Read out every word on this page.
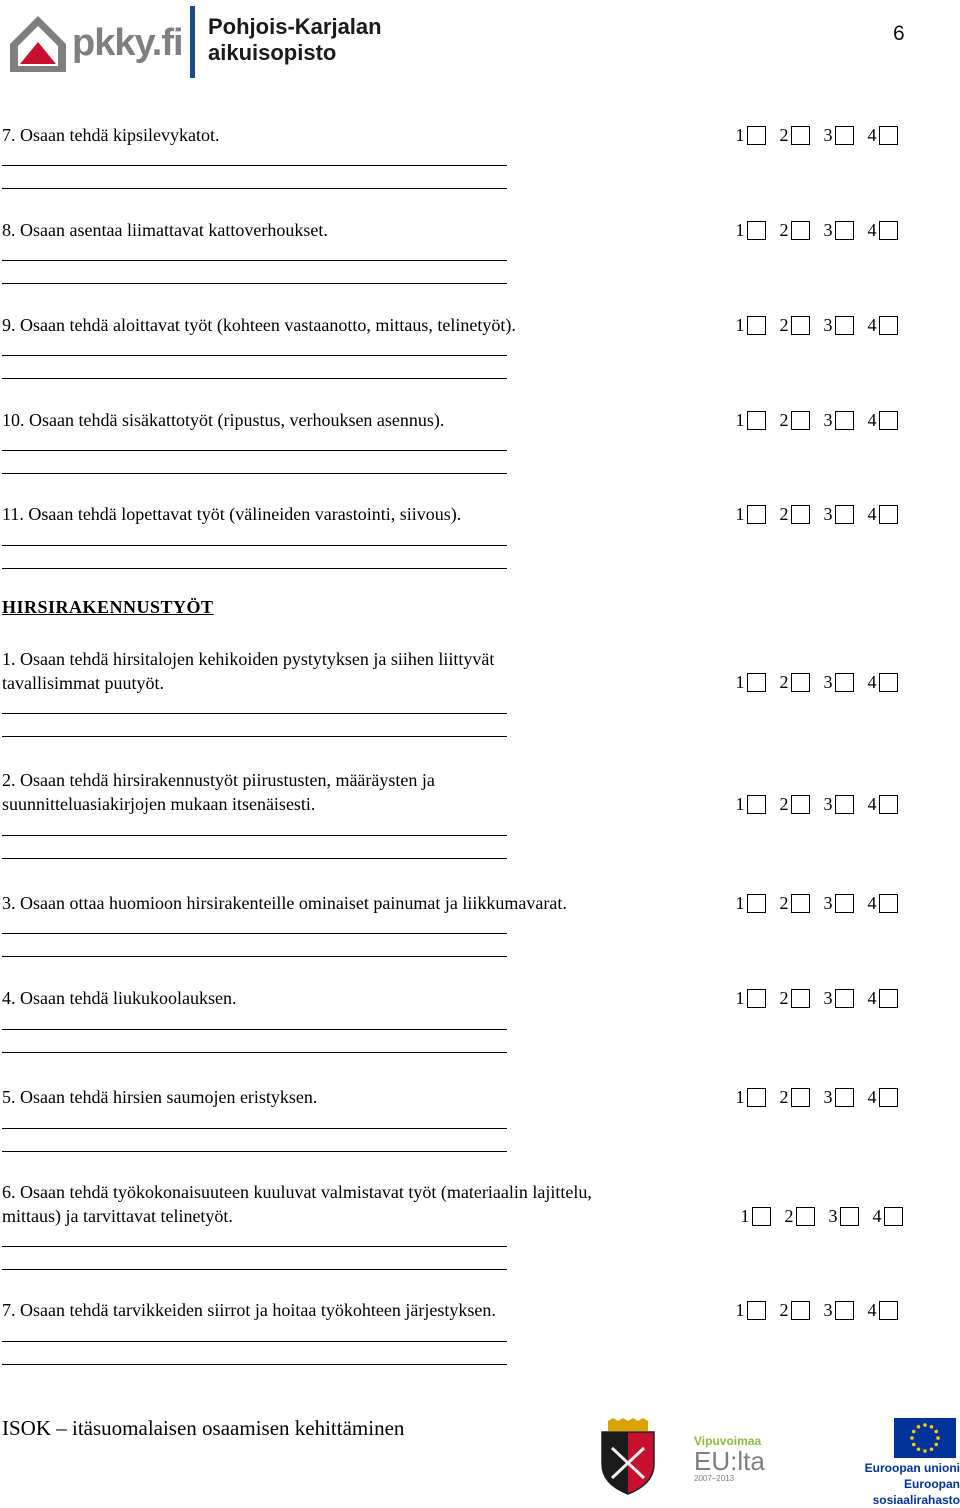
pkky.fi Pohjois-Karjalan
aikuisopisto
6
7. Osaan tehdä kipsilevykatot.	1 2 3 4
8. Osaan asentaa liimattavat kattoverhoukset.	1 2 3 4
9. Osaan tehdä aloittavat työt (kohteen vastaanotto, mittaus, telinetyöt).	1 2 3 4
10. Osaan tehdä sisäkattotyöt (ripustus, verhouksen asennus).	1 2 3 4
11. Osaan tehdä lopettavat työt (välineiden varastointi, siivous).	1 2 3 4
HIRSIRAKENNUSTYÖT
1. Osaan tehdä hirsitalojen kehikoiden pystytyksen ja siihen liittyvät
tavallisimmat puutyöt.	1 2 3 4
2. Osaan tehdä hirsirakennustyöt piirustusten, määräysten ja
suunnitteluasiakirjojen mukaan itsenäisesti.	1 2 3 4
3. Osaan ottaa huomioon hirsirakenteille ominaiset painumat ja liikkumavarat.	1 2 3 4
4. Osaan tehdä liukukoolauksen.	1 2 3 4
5. Osaan tehdä hirsien saumojen eristyksen.	1 2 3 4
6. Osaan tehdä työkokonaisuuteen kuuluvat valmistavat työt (materiaalin lajittelu,
mittaus) ja tarvittavat telinetyöt.	1 2 3 4
7. Osaan tehdä tarvikkeiden siirrot ja hoitaa työkohteen järjestyksen.	1 2 3 4
ISOK – itäsuomalaisen osaamisen kehittäminen
Vipuvoimaa
EU:lta
2007–2013
Euroopan unioni
Euroopan sosiaalirahasto
